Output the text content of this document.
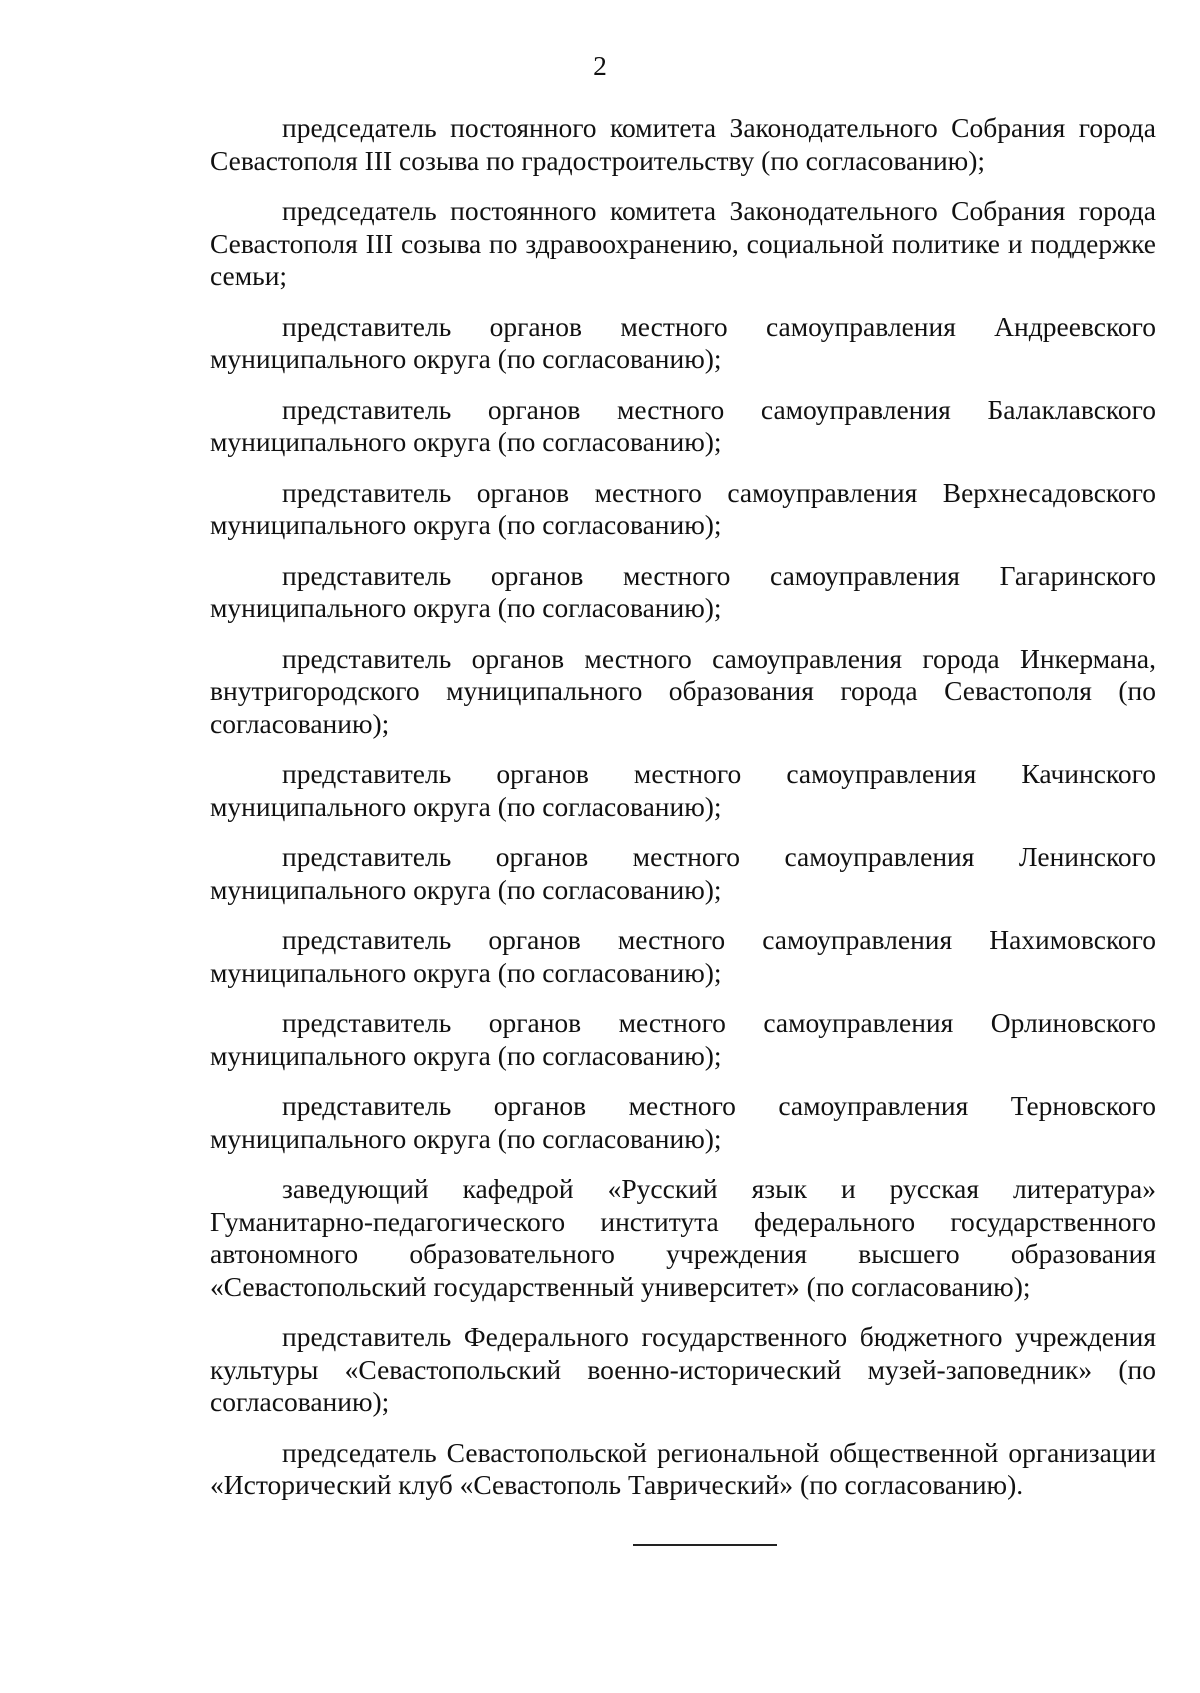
2

председатель постоянного комитета Законодательного Собрания города Севастополя III созыва по градостроительству (по согласованию);

председатель постоянного комитета Законодательного Собрания города Севастополя III созыва по здравоохранению, социальной политике и поддержке семьи;

представитель органов местного самоуправления Андреевского муниципального округа (по согласованию);

представитель органов местного самоуправления Балаклавского муниципального округа (по согласованию);

представитель органов местного самоуправления Верхнесадовского муниципального округа (по согласованию);

представитель органов местного самоуправления Гагаринского муниципального округа (по согласованию);

представитель органов местного самоуправления города Инкермана, внутригородского муниципального образования города Севастополя (по согласованию);

представитель органов местного самоуправления Качинского муниципального округа (по согласованию);

представитель органов местного самоуправления Ленинского муниципального округа (по согласованию);

представитель органов местного самоуправления Нахимовского муниципального округа (по согласованию);

представитель органов местного самоуправления Орлиновского муниципального округа (по согласованию);

представитель органов местного самоуправления Терновского муниципального округа (по согласованию);

заведующий кафедрой «Русский язык и русская литература» Гуманитарно-педагогического института федерального государственного автономного образовательного учреждения высшего образования «Севастопольский государственный университет» (по согласованию);

представитель Федерального государственного бюджетного учреждения культуры «Севастопольский военно-исторический музей-заповедник» (по согласованию);

председатель Севастопольской региональной общественной организации «Исторический клуб «Севастополь Таврический» (по согласованию).
